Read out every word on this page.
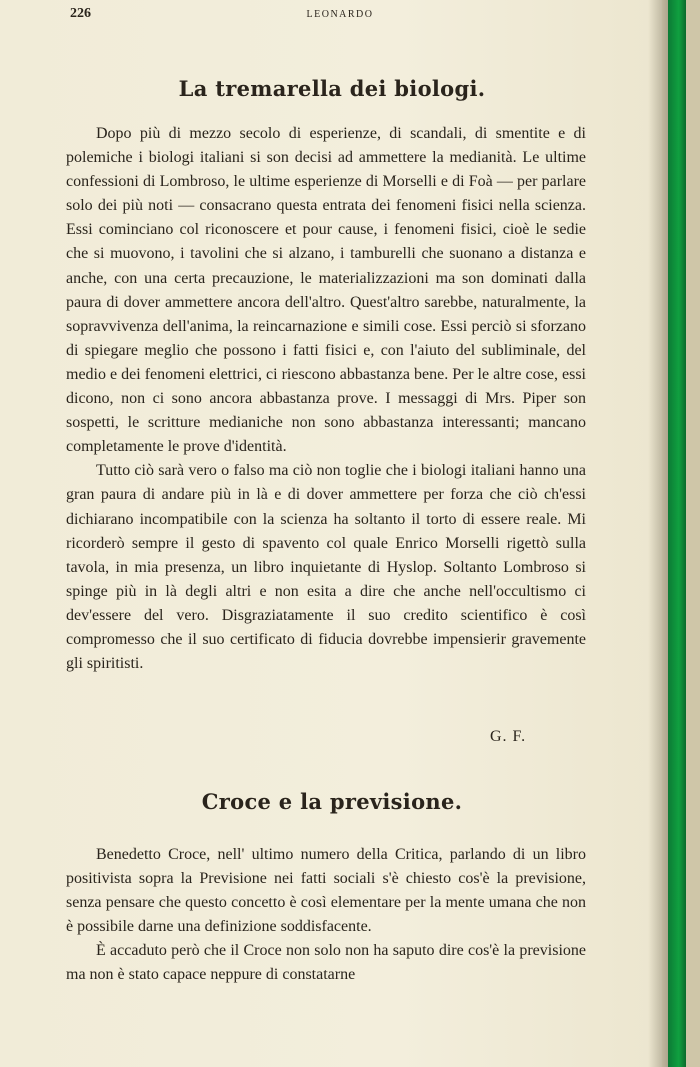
226	LEONARDO
La tremarella dei biologi.

Dopo più di mezzo secolo di esperienze, di scandali, di smentite e di polemiche i biologi italiani si son decisi ad ammettere la medianità. Le ultime confessioni di Lombroso, le ultime esperienze di Morselli e di Foà — per parlare solo dei più noti — consacrano questa entrata dei fenomeni fisici nella scienza. Essi cominciano col riconoscere et pour cause, i fenomeni fisici, cioè le sedie che si muovono, i tavolini che si alzano, i tamburelli che suonano a distanza e anche, con una certa precauzione, le materializzazioni ma son dominati dalla paura di dover ammettere ancora dell'altro. Quest'altro sarebbe, naturalmente, la sopravvivenza dell'anima, la reincarnazione e simili cose. Essi perciò si sforzano di spiegare meglio che possono i fatti fisici e, con l'aiuto del subliminale, del medio e dei fenomeni elettrici, ci riescono abbastanza bene. Per le altre cose, essi dicono, non ci sono ancora abbastanza prove. I messaggi di Mrs. Piper son sospetti, le scritture medianiche non sono abbastanza interessanti; mancano completamente le prove d'identità.

Tutto ciò sarà vero o falso ma ciò non toglie che i biologi italiani hanno una gran paura di andare più in là e di dover ammettere per forza che ciò ch'essi dichiarano incompatibile con la scienza ha soltanto il torto di essere reale. Mi ricorderò sempre il gesto di spavento col quale Enrico Morselli rigettò sulla tavola, in mia presenza, un libro inquietante di Hyslop. Soltanto Lombroso si spinge più in là degli altri e non esita a dire che anche nell'occultismo ci dev'essere del vero. Disgraziatamente il suo credito scientifico è così compromesso che il suo certificato di fiducia dovrebbe impensierir gravemente gli spiritisti.

G. F.
Croce e la previsione.

Benedetto Croce, nell' ultimo numero della Critica, parlando di un libro positivista sopra la Previsione nei fatti sociali s'è chiesto cos'è la previsione, senza pensare che questo concetto è così elementare per la mente umana che non è possibile darne una definizione soddisfacente.

È accaduto però che il Croce non solo non ha saputo dire cos'è la previsione ma non è stato capace neppure di constatarne
